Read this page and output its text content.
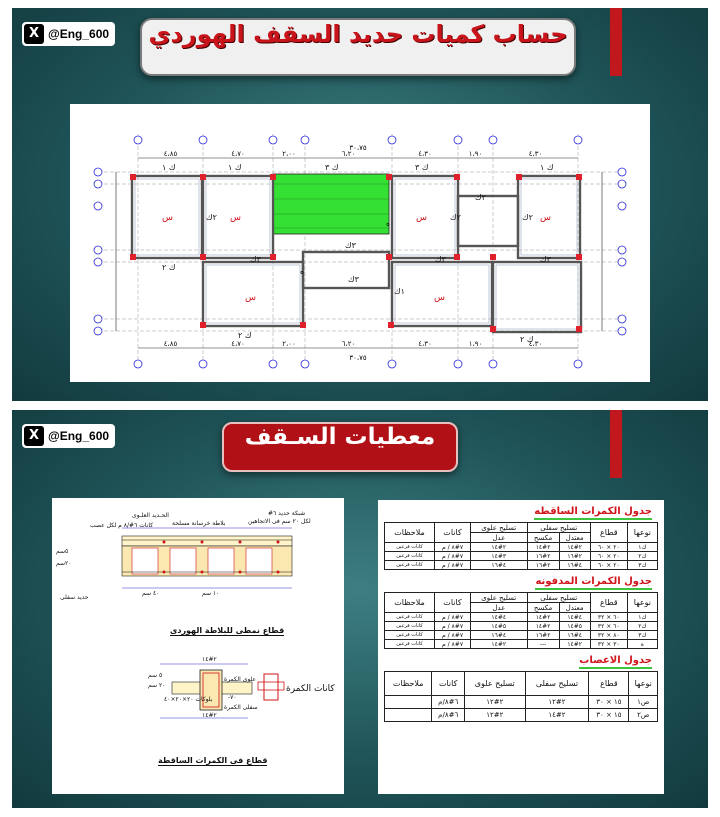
X @Eng_600	حساب كميات حديد السقف الهوردي
٤،٨٥	٤،٧٠	٢،٠٠	٦،٢٠	٤،٣٠	١،٩٠	٤،٣٠
٤،٨٥	٤،٧٠	٢،٠٠	٦،٢٠	٤،٣٠	١،٩٠	٤،٣٠
٣٠،٧٥
٣٠،٧٥
ك ١	ك ١	ك ٣	ك ٣	ك ١
ك ٢
ك ٢	ك ٢
٣ك
٣ك
٣ك
٣ك	٣ك
٢ك
٢ك	٢ك	٢ك
١ك
س	س	س	س
س	س
ه
ه
X @Eng_600	معطيات السـقف
الحـديد العلـوى	شبكة حديد ٦#
لكل ٢٠ سم فى الاتجاهين
بلاطة خرسانة مسلحة
كانات ٦#/٨ م لكل عصب
٥سم
٢٠سم
٤٠ سم	١٠ سم
حديد سفلى
قطاع نمطى للبلاطة الهوردى
علوى الكمرة
سفلى الكمرة
بلوكات ٢٠×٢٠×٤٠
كانات الكمرة
٥ سم
٢٠ سم
٢#١٤
٢#١٤
٧٠-
قطاع فى الكمرات الساقطة
جدول الكمرات الساقطه
نوعها	قطاع	تسليح سفلى		تسليح علوى	كانات	ملاحظات
		معتدل	مكسح	عدل		
ك١	٢٠ × ٦٠	٢#١٤	٢#١٤	٢#١٤	٧#٨ / م	كانات فرعين
ك٢	٢٠ × ٦٠	٢#١٦	٢#١٦	٣#١٤	٧#٨ / م	كانات فرعين
ك٣	٢٠ × ٦٠	٤#١٦	٢#١٦	٤#١٦	٧#٨ / م	كانات فرعين
جدول الكمرات المدفونه
نوعها	قطاع	تسليح سفلى		تسليح علوى	كانات	ملاحظات
		معتدل	مكسح	عدل		
ك١	٦٠ × ٣٢	٤#١٤	٢#١٤	٤#١٤	٧#٨ / م	كانات فرعين
ك٢	٦٠ × ٣٢	٥#١٤	٢#١٤	٥#١٤	٧#٨ / م	كانات فرعين
ك٣	٨٠ × ٣٢	٤#١٦	٢#١٦	٤#١٦	٧#٨ / م	كانات فرعين
ه	٣٠ × ٣٢	٢#١٤	---	٢#١٤	٧#٨ / م	كانات فرعين
جدول الاعصاب
نوعها	قطاع	تسليح سفلى	تسليح علوى	كانات	ملاحظات
ص١	١٥ × ٣٠	٢#١٢	٢#١٢	٦#٨/م	
ص٢	١٥ × ٣٠	٢#١٤	٢#١٢	٦#٨/م	
